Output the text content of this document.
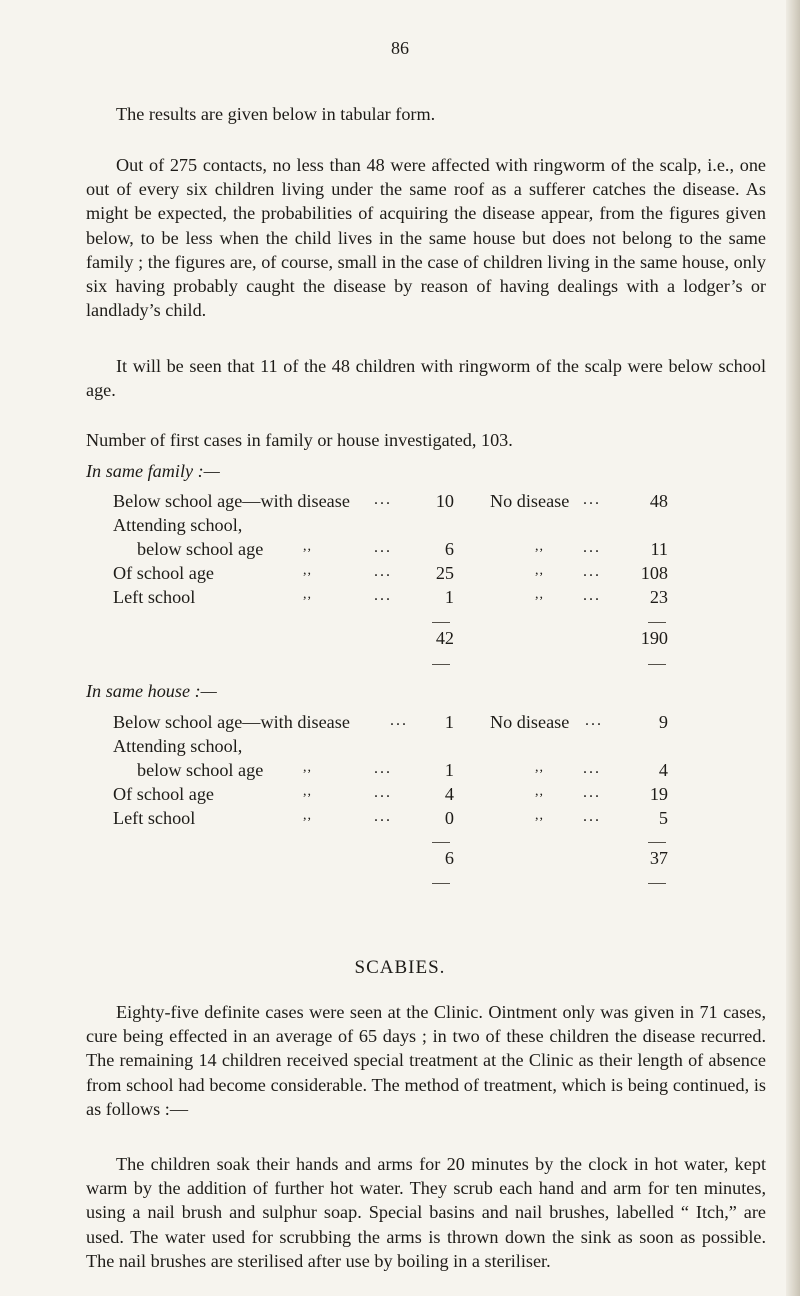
86

The results are given below in tabular form.

Out of 275 contacts, no less than 48 were affected with ringworm of the scalp, i.e., one out of every six children living under the same roof as a sufferer catches the disease. As might be expected, the probabilities of acquiring the disease appear, from the figures given below, to be less when the child lives in the same house but does not belong to the same family ; the figures are, of course, small in the case of children living in the same house, only six having probably caught the disease by reason of having dealings with a lodger’s or landlady’s child.

It will be seen that 11 of the 48 children with ringworm of the scalp were below school age.

Number of first cases in family or house investigated, 103.
In same family :—
Below school age—with disease ...	10 No disease ...	48
Attending school,
below school age	,,	...	6	,, ...	11
Of school age	,,	...	25	,, ...	108
Left school	,,	...	1	,, ...	23
42	190
In same house :—
Below school age—with disease	...	1 No disease ...	9
Attending school,
below school age	,,	...	1	,, ...	4
Of school age	,,	...	4	,, ...	19
Left school	,,	...	0	,, ...	5
6	37
SCABIES.

Eighty-five definite cases were seen at the Clinic. Ointment only was given in 71 cases, cure being effected in an average of 65 days ; in two of these children the disease recurred. The remaining 14 children received special treatment at the Clinic as their length of absence from school had become considerable. The method of treatment, which is being continued, is as follows :—

The children soak their hands and arms for 20 minutes by the clock in hot water, kept warm by the addition of further hot water. They scrub each hand and arm for ten minutes, using a nail brush and sulphur soap. Special basins and nail brushes, labelled “ Itch,” are used. The water used for scrubbing the arms is thrown down the sink as soon as possible. The nail brushes are sterilised after use by boiling in a steriliser.
